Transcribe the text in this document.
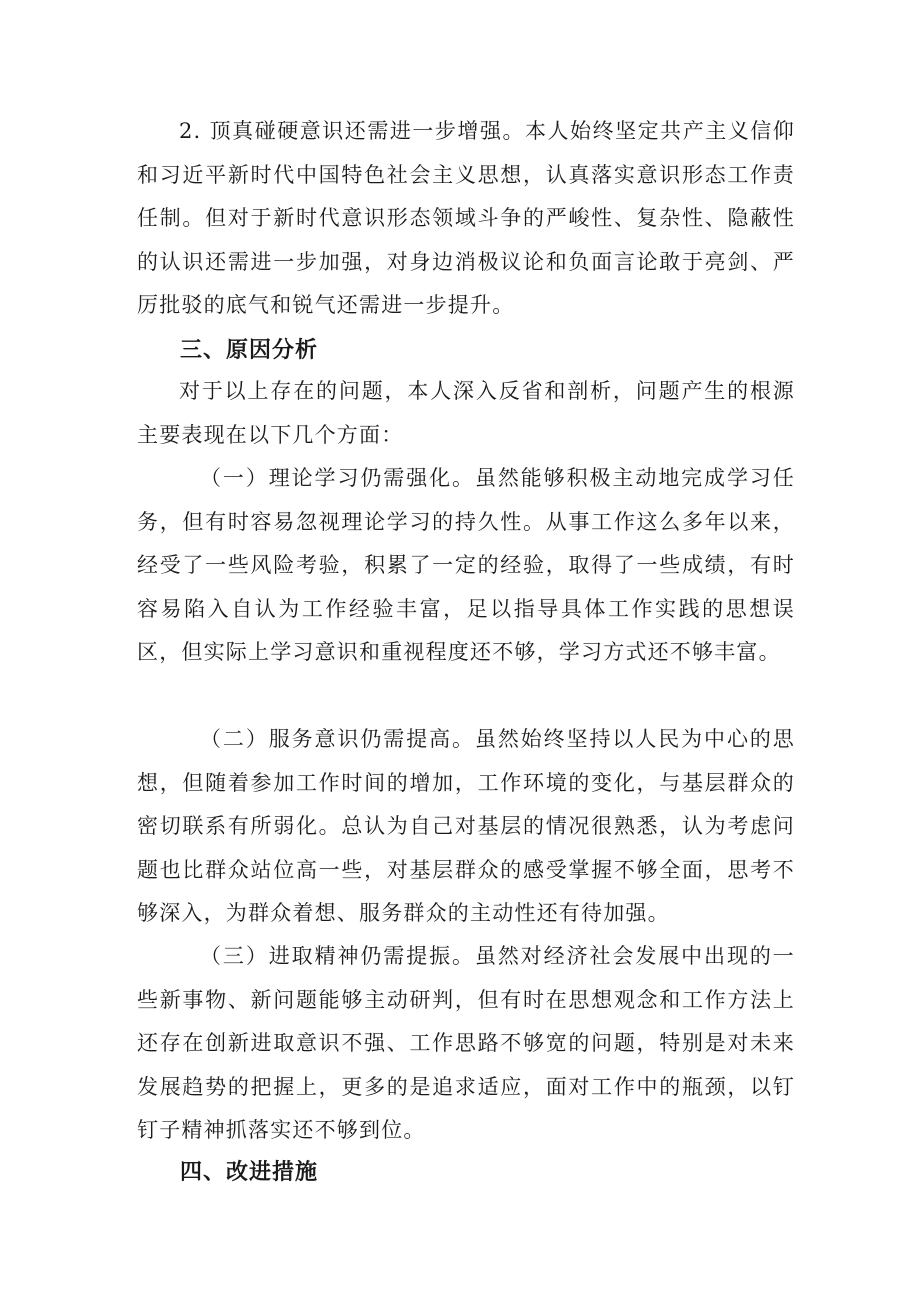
2. 顶真碰硬意识还需进一步增强。本人始终坚定共产主义信仰和习近平新时代中国特色社会主义思想，认真落实意识形态工作责任制。但对于新时代意识形态领域斗争的严峻性、复杂性、隐蔽性的认识还需进一步加强，对身边消极议论和负面言论敢于亮剑、严厉批驳的底气和锐气还需进一步提升。

三、原因分析

对于以上存在的问题，本人深入反省和剖析，问题产生的根源主要表现在以下几个方面：

（一）理论学习仍需强化。虽然能够积极主动地完成学习任务，但有时容易忽视理论学习的持久性。从事工作这么多年以来，经受了一些风险考验，积累了一定的经验，取得了一些成绩，有时容易陷入自认为工作经验丰富，足以指导具体工作实践的思想误区，但实际上学习意识和重视程度还不够，学习方式还不够丰富。

（二）服务意识仍需提高。虽然始终坚持以人民为中心的思想，但随着参加工作时间的增加，工作环境的变化，与基层群众的密切联系有所弱化。总认为自己对基层的情况很熟悉，认为考虑问题也比群众站位高一些，对基层群众的感受掌握不够全面，思考不够深入，为群众着想、服务群众的主动性还有待加强。

（三）进取精神仍需提振。虽然对经济社会发展中出现的一些新事物、新问题能够主动研判，但有时在思想观念和工作方法上还存在创新进取意识不强、工作思路不够宽的问题，特别是对未来发展趋势的把握上，更多的是追求适应，面对工作中的瓶颈，以钉钉子精神抓落实还不够到位。

四、改进措施
